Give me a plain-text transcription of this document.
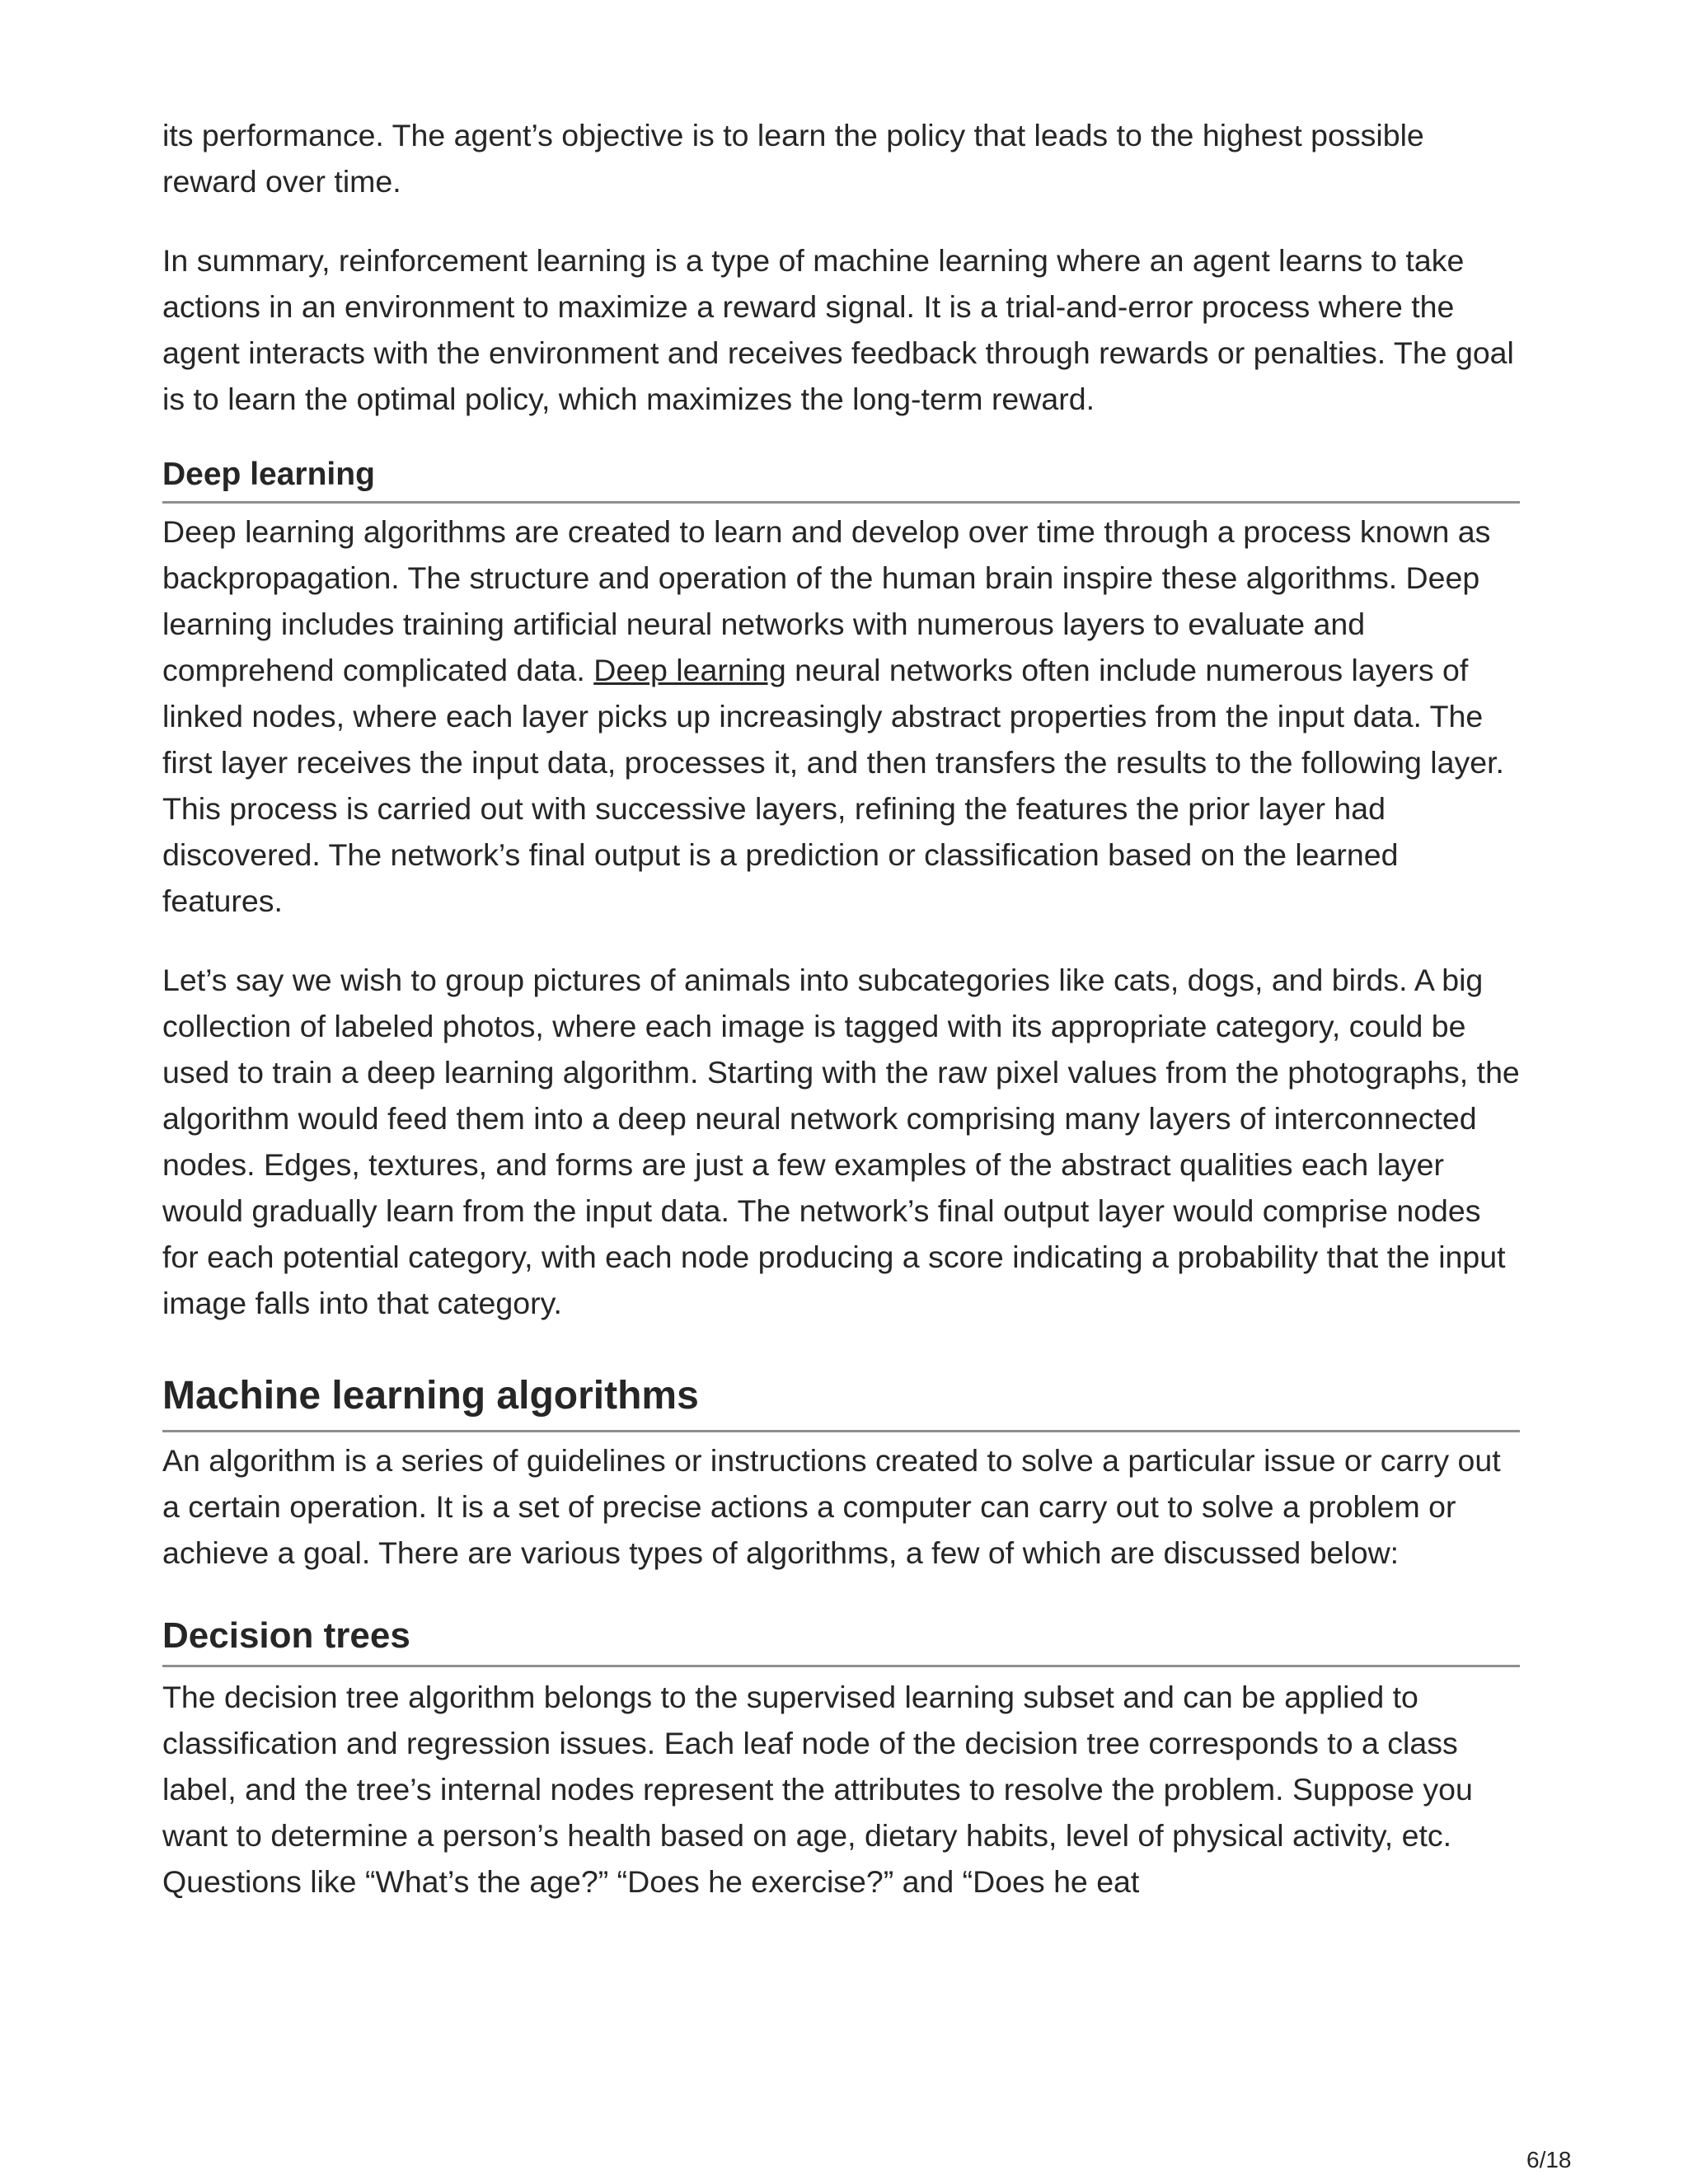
its performance. The agent’s objective is to learn the policy that leads to the highest possible reward over time.

In summary, reinforcement learning is a type of machine learning where an agent learns to take actions in an environment to maximize a reward signal. It is a trial-and-error process where the agent interacts with the environment and receives feedback through rewards or penalties. The goal is to learn the optimal policy, which maximizes the long-term reward.

Deep learning

Deep learning algorithms are created to learn and develop over time through a process known as backpropagation. The structure and operation of the human brain inspire these algorithms. Deep learning includes training artificial neural networks with numerous layers to evaluate and comprehend complicated data. Deep learning neural networks often include numerous layers of linked nodes, where each layer picks up increasingly abstract properties from the input data. The first layer receives the input data, processes it, and then transfers the results to the following layer. This process is carried out with successive layers, refining the features the prior layer had discovered. The network’s final output is a prediction or classification based on the learned features.

Let’s say we wish to group pictures of animals into subcategories like cats, dogs, and birds. A big collection of labeled photos, where each image is tagged with its appropriate category, could be used to train a deep learning algorithm. Starting with the raw pixel values from the photographs, the algorithm would feed them into a deep neural network comprising many layers of interconnected nodes. Edges, textures, and forms are just a few examples of the abstract qualities each layer would gradually learn from the input data. The network’s final output layer would comprise nodes for each potential category, with each node producing a score indicating a probability that the input image falls into that category.

Machine learning algorithms

An algorithm is a series of guidelines or instructions created to solve a particular issue or carry out a certain operation. It is a set of precise actions a computer can carry out to solve a problem or achieve a goal. There are various types of algorithms, a few of which are discussed below:

Decision trees

The decision tree algorithm belongs to the supervised learning subset and can be applied to classification and regression issues. Each leaf node of the decision tree corresponds to a class label, and the tree’s internal nodes represent the attributes to resolve the problem. Suppose you want to determine a person’s health based on age, dietary habits, level of physical activity, etc. Questions like “What’s the age?” “Does he exercise?” and “Does he eat

6/18
